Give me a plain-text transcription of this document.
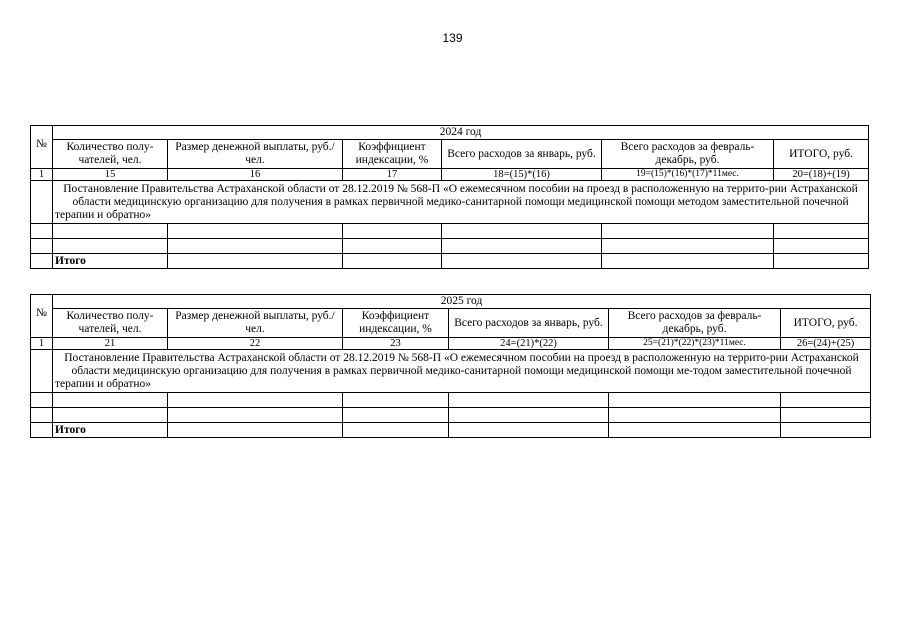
139
№	2024 год					
	Количество полу-чателей, чел.	Размер денежной выплаты, руб./чел.	Коэффициент индексации, %	Всего расходов за январь, руб.	Всего расходов за февраль-декабрь, руб.	ИТОГО, руб.
1	15	16	17	18=(15)*(16)	19=(15)*(16)*(17)*11мес.	20=(18)+(19)
	Постановление Правительства Астраханской области от 28.12.2019 № 568-П «О ежемесячном пособии на проезд в расположенную на террито-рии Астраханской области медицинскую организацию для получения в рамках первичной медико-санитарной помощи медицинской помощи методом заместительной почечной терапии и обратно»					

	Итого					
№	2025 год					
	Количество полу-чателей, чел.	Размер денежной выплаты, руб./чел.	Коэффициент индексации, %	Всего расходов за январь, руб.	Всего расходов за февраль-декабрь, руб.	ИТОГО, руб.
1	21	22	23	24=(21)*(22)	25=(21)*(22)*(23)*11мес.	26=(24)+(25)
	Постановление Правительства Астраханской области от 28.12.2019 № 568-П «О ежемесячном пособии на проезд в расположенную на террито-рии Астраханской области медицинскую организацию для получения в рамках первичной медико-санитарной помощи медицинской помощи ме-тодом заместительной почечной терапии и обратно»					

	Итого					
